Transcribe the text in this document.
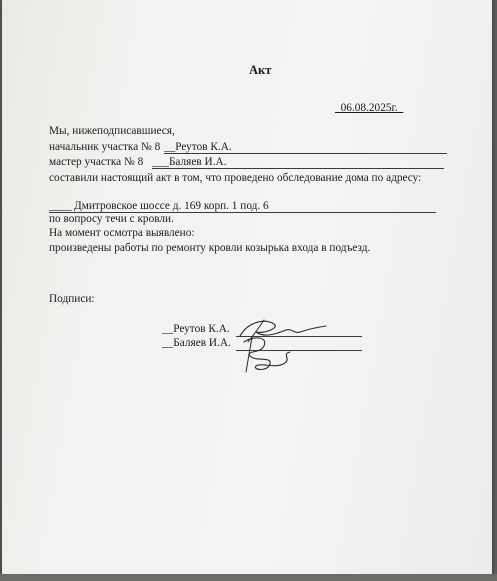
Акт
_06.08.2025г._
Мы, нижеподписавшиеся,
начальник участка № 8 __Реутов К.А.
мастер участка № 8 ___Баляев И.А.
составили настоящий акт в том, что проведено обследование дома по адресу:
____ Дмитровское шоссе д. 169 корп. 1 под. 6
по вопросу течи с кровли.
На момент осмотра выявлено:
произведены работы по ремонту кровли козырька входа в подъезд.
Подписи:
__Реутов К.А.
__Баляев И.А.
